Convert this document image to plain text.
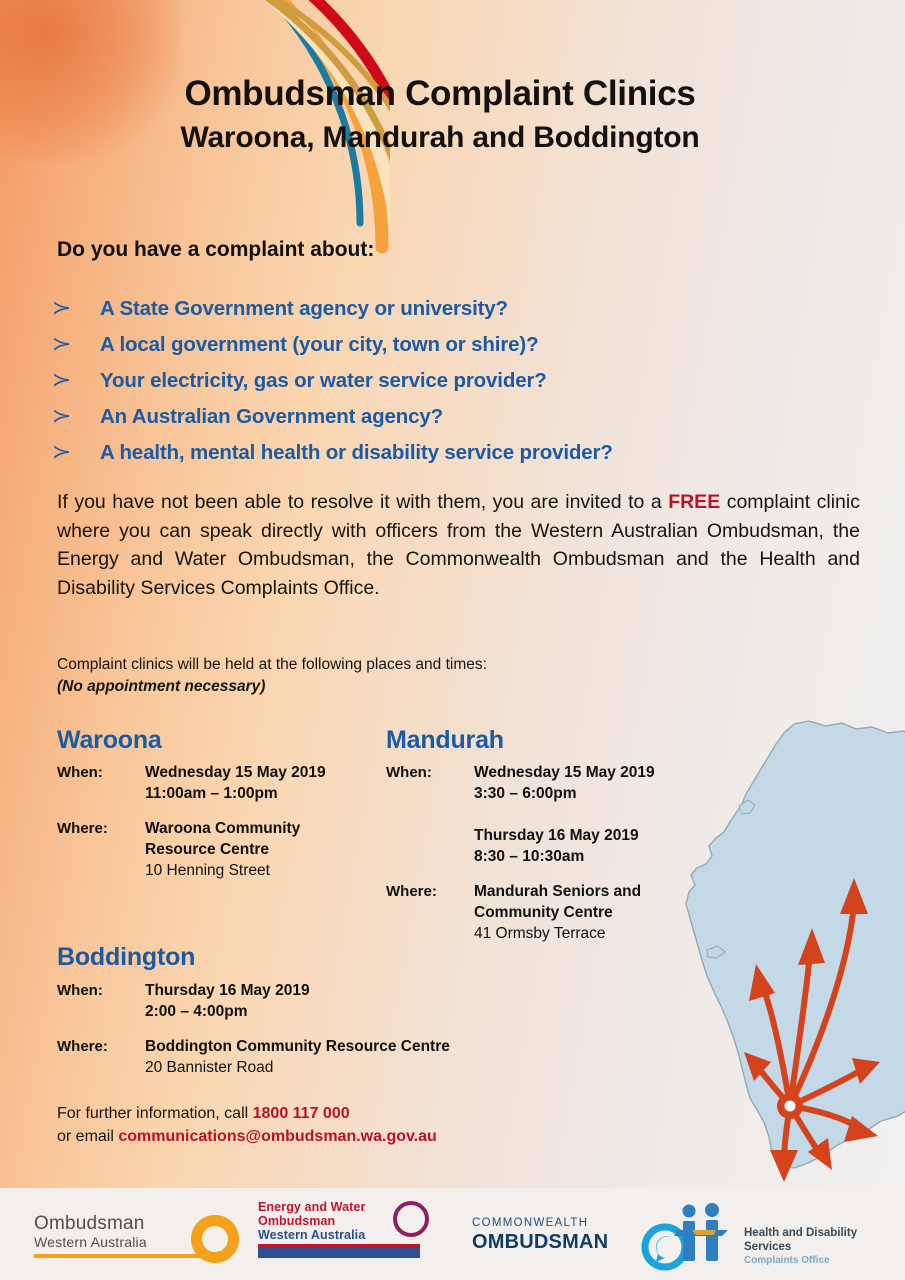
Ombudsman Complaint Clinics
Waroona, Mandurah and Boddington
Do you have a complaint about:
≻	A State Government agency or university?
≻	A local government (your city, town or shire)?
≻	Your electricity, gas or water service provider?
≻	An Australian Government agency?
≻	A health, mental health or disability service provider?
If you have not been able to resolve it with them, you are invited to a FREE complaint clinic where you can speak directly with officers from the Western Australian Ombudsman, the Energy and Water Ombudsman, the Commonwealth Ombudsman and the Health and Disability Services Complaints Office.
Complaint clinics will be held at the following places and times:
(No appointment necessary)
Waroona
When:	Wednesday 15 May 2019
11:00am – 1:00pm
Where:	Waroona Community
Resource Centre
10 Henning Street
Mandurah
When:	Wednesday 15 May 2019
3:30 – 6:00pm

Thursday 16 May 2019
8:30 – 10:30am
Where:	Mandurah Seniors and
Community Centre
41 Ormsby Terrace
Boddington
When:	Thursday 16 May 2019
2:00 – 4:00pm
Where:	Boddington Community Resource Centre
20 Bannister Road
For further information, call 1800 117 000
or email communications@ombudsman.wa.gov.au
Ombudsman
Western Australia
Energy and Water
Ombudsman
Western Australia
COMMONWEALTH
OMBUDSMAN	Health and Disability Services
Complaints Office
